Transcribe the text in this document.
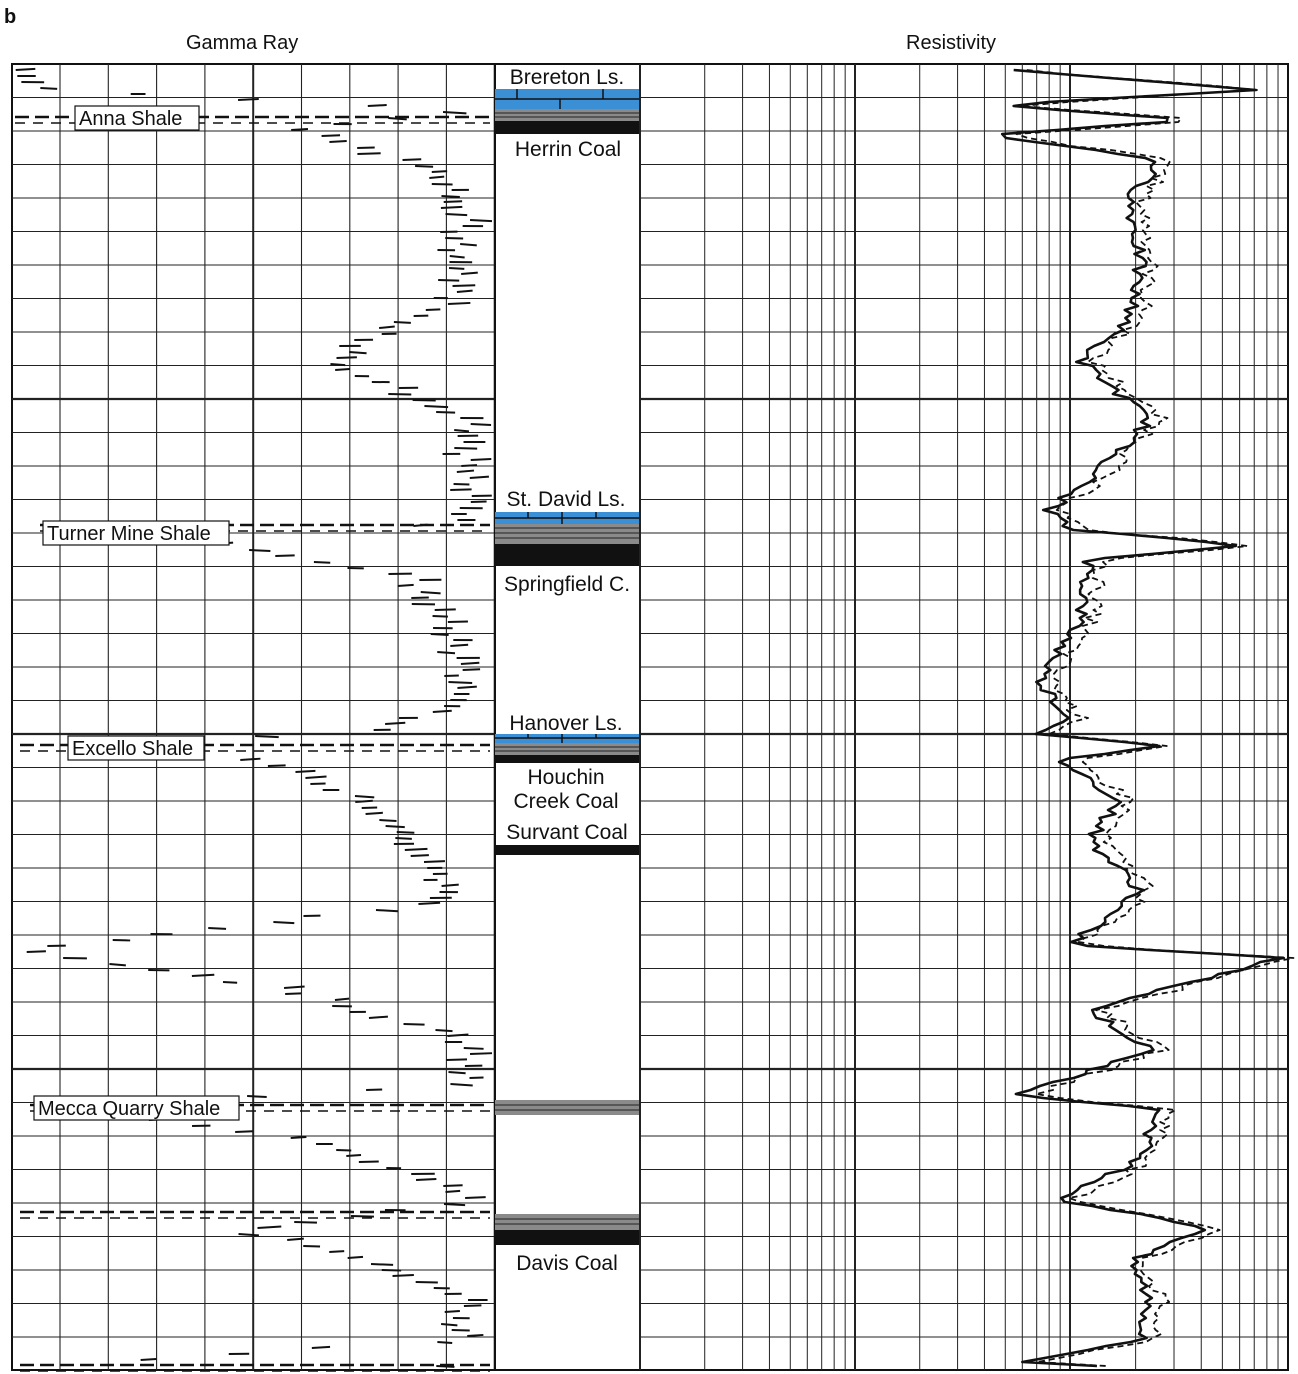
b
Gamma Ray	Resistivity
Brereton Ls.
Herrin Coal
St. David Ls.
Springfield C.
Hanover Ls.
Houchin
Creek Coal
Survant Coal
Davis Coal
Anna Shale
Turner Mine Shale
Excello Shale
Mecca Quarry Shale
